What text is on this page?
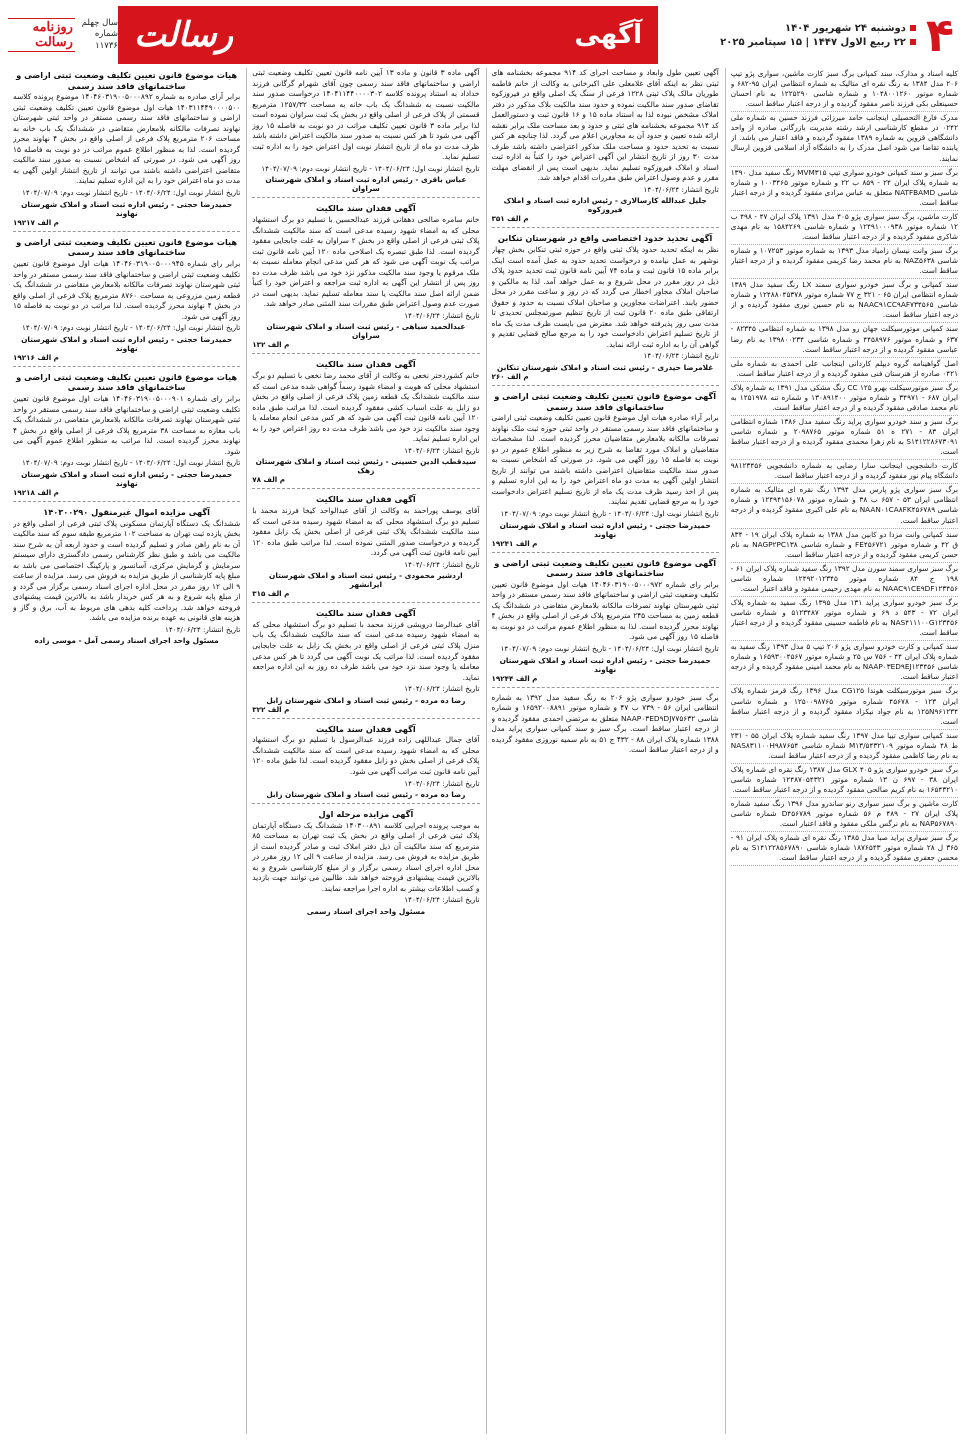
۴
دوشنبه ۲۴ شهریور ۱۴۰۴
۲۲ ربیع الاول ۱۴۴۷ | ۱۵ سپتامبر ۲۰۲۵
آگهی
رسالت
سال چهلم
شماره ۱۱۷۳۶
روزنامه رسالت

کلیه اسناد و مدارک، سند کمپانی برگ سبز کارت ماشین، سواری پژو تیپ ۲۰۶ مدل ۱۳۸۴ به رنگ نقره ای متالیک به شماره انتظامی ایران ۹۵-۶۸۲ و شماره موتور ۱۰۴۸۰۰۱۲۶۰ و شماره شاسی ۱۲۲۵۲۹۰ به نام احسان حسینعلی بکی فرزند ناصر مفقود گردیده و از درجه اعتبار ساقط است.

مدرک فارغ التحصیلی اینجانب حامد میرزائی فرزند حسین به شماره ملی ۰۲۴۲ در مقطع کارشناسی ارشد رشته مدیریت بازرگانی صادره از واحد دانشگاهی قزوین به شماره ۱۳۸۹ مفقود گردیده و فاقد اعتبار می باشد. از یابنده تقاضا می شود اصل مدرک را به دانشگاه آزاد اسلامی قزوین ارسال نمایند.

برگ سبز و سند کمپانی خودرو سواری تیپ MVM۳۱۵ رنگ سفید مدل ۱۳۹۰ به شماره پلاک ایران ۲۴ - ۸۵۹ ب ۲۲ و شماره موتور ۱۰۰۳۴۶۵ و شماره شاسی NATFBAMD متعلق به عباس مرادی مفقود گردیده و از درجه اعتبار ساقط است.

کارت ماشین، برگ سبز سواری پژو ۴۰۵ مدل ۱۳۹۱ پلاک ایران ۴۷ - ۴۹۸ ب ۱۲ شماره موتور ۱۲۴۹۱۰۰۰۹۳۸ و شماره شاسی ۱۵۸۴۲۶۹ به نام مهدی شاکری مفقود گردیده و از درجه اعتبار ساقط است.

برگ سبز وانت نیسان زامیاد مدل ۱۳۹۳ به شماره موتور ۱۰۷۲۵۳ و شماره شاسی NAZ۵۶۳۸ به نام محمد رضا کریمی مفقود گردیده و از درجه اعتبار ساقط است.

سند کمپانی و برگ سبز خودرو سواری سمند LX رنگ سفید مدل ۱۳۸۹ شماره انتظامی ایران ۶۵ - ۳۲۱ ج ۷۷ شماره موتور ۱۲۴۸۸۰۴۵۳۷۸ و شماره شاسی NAAC۹۱CC۹AF۷۳۴۵۶۵ به نام حسین نوری مفقود گردیده و از درجه اعتبار ساقط است.

سند کمپانی موتورسیکلت جهان رو مدل ۱۳۹۸ به شماره انتظامی ۸۲۳۴۵ - ۶۳۷ و شماره موتور ۴۴۵۸۹۷۶ و شماره شاسی ۱۳۹۸۰۰۲۳۴ به نام رضا عباسی مفقود گردیده و از درجه اعتبار ساقط است.

اصل گواهینامه گروه دیپلم کاردانی اینجانب علی احمدی به شماره ملی ۰۴۲۱ صادره از هنرستان فنی مفقود گردیده و از درجه اعتبار ساقط است.

برگ سبز موتورسیکلت بهرو CC ۱۲۵ رنگ مشکی مدل ۱۳۹۱ به شماره پلاک ایران ۶۸۷ - ۳۴۹۷۱ و شماره موتور ۱۳۰۸۹۱۴۰۰ و شماره تنه ۱۲۵۱۹۷۸ به نام محمد صادقی مفقود گردیده و از درجه اعتبار ساقط است.

برگ سبز و سند خودرو سواری پراید رنگ سفید مدل ۱۳۸۶ شماره انتظامی ایران ۸۳ - ۲۷۱ ه ۵۱ شماره موتور ۲۰۹۸۷۶۵ و شماره شاسی S۱۴۱۲۲۸۶۷۳۰۹۱ به نام زهرا محمدی مفقود گردیده و از درجه اعتبار ساقط است.

کارت دانشجویی اینجانب سارا رضایی به شماره دانشجویی ۹۸۱۲۳۴۵۶ دانشگاه پیام نور مفقود گردیده و از درجه اعتبار ساقط است.

برگ سبز سواری پژو پارس مدل ۱۳۹۴ رنگ نقره ای متالیک به شماره انتظامی ایران ۵۳ - ۶۵۷ ب ۳۸ و شماره موتور ۱۲۴۹۴۱۵۶۰۷۸ و شماره شاسی NAAN۰۱CA۸FK۴۵۶۷۸۹ به نام علی اکبری مفقود گردیده و از درجه اعتبار ساقط است.

سند کمپانی وانت مزدا دو کابین مدل ۱۳۸۸ به شماره پلاک ایران ۱۹ - ۸۳۴ ق ۴۲ و شماره موتور FE۴۵۶۷۲۱ و شماره شاسی NAGP۲PC۱۳۸ به نام حسن کریمی مفقود گردیده و از درجه اعتبار ساقط است.

برگ سبز سواری سمند سورن مدل ۱۳۹۲ رنگ سفید شماره پلاک ایران ۶۱ - ۱۹۸ ج ۸۴ شماره موتور ۱۲۴۹۲۰۱۲۳۴۵ شماره شاسی NAAC۹۱CE۹DF۱۲۳۴۵۶ به نام مهدی رحیمی مفقود و فاقد اعتبار است.

برگ سبز خودرو سواری پراید ۱۳۱ مدل ۱۳۹۵ رنگ سفید به شماره پلاک ایران ۷۲ - ۵۴۳ د ۶۹ و شماره موتور ۵۱۲۳۴۸۷ و شماره شاسی NAS۴۱۱۱۰۰G۱۲۳۴۵۶ به نام فاطمه حسینی مفقود گردیده و از درجه اعتبار ساقط است.

سند کمپانی و کارت خودرو سواری پژو ۲۰۶ تیپ ۵ مدل ۱۳۹۳ رنگ سفید به شماره پلاک ایران ۴۴ - ۷۵۶ س ۲۵ و شماره موتور ۱۶۵۹۳۰۰۴۵۶۷ و شماره شاسی NAAP۰۳ED۹EJ۱۲۳۴۵۶ به نام محمد امینی مفقود گردیده و از درجه اعتبار ساقط است.

برگ سبز موتورسیکلت هوندا CG۱۲۵ مدل ۱۳۹۶ رنگ قرمز شماره پلاک ایران ۱۲۳ - ۴۵۶۷۸ شماره موتور ۱۲۵۰۰۹۸۷۶۵ و شماره شاسی ۱۲۵N۹۶۱۲۳۴ به نام جواد نیکزاد مفقود گردیده و از درجه اعتبار ساقط است.

سند کمپانی سواری تیبا مدل ۱۳۹۷ رنگ سفید شماره پلاک ایران ۵۵ - ۲۳۱ ط ۴۸ شماره موتور M۱۳/۵۴۳۲۱۰۹ شماره شاسی NAS۸۳۱۱۰۰H۹۸۷۶۵۴ به نام رضا کاظمی مفقود گردیده و از درجه اعتبار ساقط است.

برگ سبز خودرو سواری پژو ۴۰۵ GLX مدل ۱۳۸۷ رنگ نقره ای شماره پلاک ایران ۳۸ - ۶۹۷ ن ۱۳ شماره موتور ۱۲۴۸۷۰۵۴۳۲۱ شماره شاسی ۱۶۵۴۳۲۱۰ به نام کریم صالحی مفقود گردیده و از درجه اعتبار ساقط است.

کارت ماشین و برگ سبز سواری رنو ساندرو مدل ۱۳۹۶ رنگ سفید شماره پلاک ایران ۲۷ - ۴۸۹ م ۵۶ شماره موتور D۴۵۶۷۸۹ شماره شاسی NAP۵۶۷۸۹۰ به نام نرگس ملکی مفقود و فاقد اعتبار است.

برگ سبز سواری پراید صبا مدل ۱۳۸۵ رنگ نقره ای شماره پلاک ایران ۹۱ - ۳۶۵ ل ۲۸ شماره موتور ۱۸۷۶۵۴۳ شماره شاسی S۱۴۱۲۲۸۵۶۷۸۹۰ به نام محسن جعفری مفقود گردیده و از درجه اعتبار ساقط است.

آگهی تعیین طول وابعاد و مساحت اجرای کد ۹۱۴ مجموعه بخشنامه های ثبتی نظر به اینکه آقای غلامعلی علی اکبرخانی به وکالت از خانم فاطمه طوریان مالک پلاک ثبتی ۱۲۲۸ فرعی از سنگ یک اصلی واقع در فیروزکوه تقاضای صدور سند مالکیت نموده و حدود سند مالکیت بلاک مذکور در دفتر املاک مشخص نبوده لذا به استناد ماده ۱۵ و ۱۶ قانون ثبت و دستورالعمل کد ۹۱۴ مجموعه بخشنامه های ثبتی و حدود و بعد مساحت ملک برابر نقشه ارائه شده تعیین و حدود آن به مجاورین اعلام می گردد. لذا چنانچه هر کس نسبت به تحدید حدود و مساحت ملک مذکور اعتراضی داشته باشد ظرف مدت ۳۰ روز از تاریخ انتشار این آگهی اعتراض خود را کتباً به اداره ثبت اسناد و املاک فیروزکوه تسلیم نماید. بدیهی است پس از انقضای مهلت مقرر و عدم وصول اعتراض طبق مقررات اقدام خواهد شد.

تاریخ انتشار: ۱۴۰۴/۰۶/۲۴

جلیل عبدالله کارسالاری - رئیس اداره ثبت اسناد و املاک فیروزکوه

م الف ۳۵۱

آگهی تحدید حدود اختصاصی واقع در شهرستان تنکابن

نظر به اینکه تحدید حدود پلاک ثبتی واقع در حوزه ثبتی تنکابن بخش چهار نوشهر به عمل نیامده و درخواست تحدید حدود به عمل آمده است اینک برابر ماده ۱۵ قانون ثبت و ماده ۷۴ آیین نامه قانون ثبت تحدید حدود پلاک ذیل در روز مقرر در محل شروع و به عمل خواهد آمد. لذا به مالکین و صاحبان املاک مجاور اخطار می گردد که در روز و ساعت مقرر در محل حضور یابند. اعتراضات مجاورین و صاحبان املاک نسبت به حدود و حقوق ارتفاقی طبق ماده ۲۰ قانون ثبت از تاریخ تنظیم صورتمجلس تحدیدی تا مدت سی روز پذیرفته خواهد شد. معترض می بایست ظرف مدت یک ماه از تاریخ تسلیم اعتراض دادخواست خود را به مرجع صالح قضایی تقدیم و گواهی آن را به اداره ثبت ارائه نماید.

تاریخ انتشار: ۱۴۰۴/۰۶/۲۴

غلامرضا حیدری - رئیس ثبت اسناد و املاک شهرستان تنکابن

م الف ۲۶۰

آگهی موضوع قانون تعیین تکلیف وضعیت ثبتی اراضی و ساختمانهای فاقد سند رسمی

برابر آراء صادره هیات اول موضوع قانون تعیین تکلیف وضعیت ثبتی اراضی و ساختمانهای فاقد سند رسمی مستقر در واحد ثبتی حوزه ثبت ملک نهاوند تصرفات مالکانه بلامعارض متقاضیان محرز گردیده است. لذا مشخصات متقاضیان و املاک مورد تقاضا به شرح زیر به منظور اطلاع عموم در دو نوبت به فاصله ۱۵ روز آگهی می شود. در صورتی که اشخاص نسبت به صدور سند مالکیت متقاضیان اعتراضی داشته باشند می توانند از تاریخ انتشار اولین آگهی به مدت دو ماه اعتراض خود را به این اداره تسلیم و پس از اخذ رسید ظرف مدت یک ماه از تاریخ تسلیم اعتراض دادخواست خود را به مرجع قضایی تقدیم نمایند.

تاریخ انتشار نوبت اول: ۱۴۰۴/۰۶/۲۴ - تاریخ انتشار نوبت دوم: ۱۴۰۴/۰۷/۰۹

حمیدرضا حجتی - رئیس اداره ثبت اسناد و املاک شهرستان نهاوند

م الف ۱۹۲۴۱

آگهی موضوع قانون تعیین تکلیف وضعیت ثبتی اراضی و ساختمانهای فاقد سند رسمی

برابر رای شماره ۱۴۰۴۶۰۳۱۹۰۰۵۰۰۰۹۷۲ هیات اول موضوع قانون تعیین تکلیف وضعیت ثبتی اراضی و ساختمانهای فاقد سند رسمی مستقر در واحد ثبتی شهرستان نهاوند تصرفات مالکانه بلامعارض متقاضی در ششدانگ یک قطعه زمین به مساحت ۲۴۵ مترمربع پلاک فرعی از اصلی واقع در بخش ۴ نهاوند محرز گردیده است. لذا به منظور اطلاع عموم مراتب در دو نوبت به فاصله ۱۵ روز آگهی می شود.

تاریخ انتشار نوبت اول: ۱۴۰۴/۰۶/۲۴ - تاریخ انتشار نوبت دوم: ۱۴۰۴/۰۷/۰۹

حمیدرضا حجتی - رئیس اداره ثبت اسناد و املاک شهرستان نهاوند

م الف ۱۹۲۴۴

برگ سبز خودرو سواری پژو ۲۰۶ به رنگ سفید مدل ۱۳۹۲ به شماره انتظامی ایران ۵۶ - ۷۳۹ ب ۴۷ و شماره موتور ۱۶۵۹۲۰۰۸۸۹۱ و شماره شاسی NAAP۰۳ED۹DJ۷۷۵۶۳۲ متعلق به مرتضی احمدی مفقود گردیده و از درجه اعتبار ساقط است. برگ سبز و سند کمپانی سواری پراید مدل ۱۳۸۸ شماره پلاک ایران ۸۸ - ۴۳۲ ج ۵۱ به نام سمیه نوروزی مفقود گردیده و از درجه اعتبار ساقط است.

آگهی ماده ۳ قانون و ماده ۱۳ آیین نامه قانون تعیین تکلیف وضعیت ثبتی اراضی و ساختمانهای فاقد سند رسمی چون آقای شهرام گرگانی فرزند خداداد به استناد پرونده کلاسه ۱۴۰۴۱۱۴۴۰۰۰۰۳۰۲ درخواست صدور سند مالکیت نسبت به ششدانگ یک باب خانه به مساحت ۱۲۵۷/۳۲ مترمربع قسمتی از پلاک فرعی از اصلی واقع در بخش یک ثبت سراوان نموده است لذا برابر ماده ۳ قانون تعیین تکلیف مراتب در دو نوبت به فاصله ۱۵ روز آگهی می شود تا هر کس نسبت به صدور سند مالکیت اعتراض داشته باشد ظرف مدت دو ماه از تاریخ انتشار نوبت اول اعتراض خود را به اداره ثبت تسلیم نماید.

تاریخ انتشار نوبت اول: ۱۴۰۴/۰۶/۲۴ - تاریخ انتشار نوبت دوم: ۱۴۰۴/۰۷/۰۹

عباس باقری - رئیس اداره ثبت اسناد و املاک شهرستان سراوان

آگهی فقدان سند مالکیت

خانم سامره صالحی دهقانی فرزند عبدالحسین با تسلیم دو برگ استشهاد محلی که به امضاء شهود رسیده مدعی است که سند مالکیت ششدانگ پلاک ثبتی فرعی از اصلی واقع در بخش ۲ سراوان به علت جابجایی مفقود گردیده است. لذا طبق تبصره یک اصلاحی ماده ۱۲۰ آیین نامه قانون ثبت مراتب یک نوبت آگهی می شود که هر کس مدعی انجام معامله نسبت به ملک مرقوم یا وجود سند مالکیت مذکور نزد خود می باشد ظرف مدت ده روز پس از انتشار این آگهی به اداره ثبت مراجعه و اعتراض خود را کتباً ضمن ارائه اصل سند مالکیت یا سند معامله تسلیم نماید. بدیهی است در صورت عدم وصول اعتراض طبق مقررات سند المثنی صادر خواهد شد.

تاریخ انتشار: ۱۴۰۴/۰۶/۲۴

عبدالحمید سیاهی - رئیس ثبت اسناد و املاک شهرستان سراوان

م الف ۱۳۲

آگهی فقدان سند مالکیت

خانم کشوردختر نخعی به وکالت از آقای محمد رضا نخعی با تسلیم دو برگ استشهاد محلی که هویت و امضاء شهود رسماً گواهی شده مدعی است که سند مالکیت ششدانگ یک قطعه زمین پلاک فرعی از اصلی واقع در بخش دو زابل به علت اسباب کشی مفقود گردیده است. لذا مراتب طبق ماده ۱۲۰ آیین نامه قانون ثبت آگهی می شود که هر کس مدعی انجام معامله یا وجود سند مالکیت نزد خود می باشد ظرف مدت ده روز اعتراض خود را به این اداره تسلیم نماید.

تاریخ انتشار: ۱۴۰۴/۰۶/۲۴

سیدقطب الدین حسینی - رئیس ثبت اسناد و املاک شهرستان زهک

م الف ۷۸

آگهی فقدان سند مالکیت

آقای یوسف پوراحمد به وکالت از آقای عبدالواحد کیخا فرزند محمد با تسلیم دو برگ استشهاد محلی که به امضاء شهود رسیده مدعی است که سند مالکیت ششدانگ پلاک ثبتی فرعی از اصلی بخش یک زابل مفقود گردیده و درخواست صدور المثنی نموده است. لذا مراتب طبق ماده ۱۲۰ آیین نامه قانون ثبت آگهی می گردد.

تاریخ انتشار: ۱۴۰۴/۰۶/۲۴

اردشیر محمودی - رئیس ثبت اسناد و املاک شهرستان ایرانشهر

م الف ۳۱۵

آگهی فقدان سند مالکیت

آقای عبدالرضا درویشی فرزند محمد با تسلیم دو برگ استشهاد محلی که به امضاء شهود رسیده مدعی است که سند مالکیت ششدانگ یک باب منزل پلاک ثبتی فرعی از اصلی واقع در بخش یک زابل به علت جابجایی مفقود گردیده است. لذا مراتب یک نوبت آگهی می گردد تا هر کس مدعی معامله یا وجود سند نزد خود می باشد ظرف ده روز به این اداره مراجعه نماید.

تاریخ انتشار: ۱۴۰۴/۰۶/۲۴

رضا ده مرده - رئیس ثبت اسناد و املاک شهرستان زابل

م الف ۳۲۲

آگهی فقدان سند مالکیت

آقای جمال عبداللهی زاده فرزند عبدالرسول با تسلیم دو برگ استشهاد محلی که به امضاء شهود رسیده مدعی است که سند مالکیت ششدانگ پلاک فرعی از اصلی بخش دو زابل مفقود گردیده است. لذا طبق ماده ۱۲۰ آیین نامه قانون ثبت مراتب آگهی می شود.

تاریخ انتشار: ۱۴۰۴/۰۶/۲۴

رضا ده مرده - رئیس ثبت اسناد و املاک شهرستان زابل

آگهی مزایده مرحله اول

به موجب پرونده اجرایی کلاسه ۱۴۰۳۰۰۸۹۱ ششدانگ یک دستگاه آپارتمان پلاک ثبتی فرعی از اصلی واقع در بخش یک ثبت تهران به مساحت ۸۵ مترمربع که سند مالکیت آن ذیل دفتر املاک ثبت و صادر گردیده است از طریق مزایده به فروش می رسد. مزایده از ساعت ۹ الی ۱۲ روز مقرر در محل اداره اجرای اسناد رسمی برگزار و از مبلغ کارشناسی شروع و به بالاترین قیمت پیشنهادی فروخته خواهد شد. طالبین می توانند جهت بازدید و کسب اطلاعات بیشتر به اداره اجرا مراجعه نمایند.

تاریخ انتشار: ۱۴۰۴/۰۶/۲۴

مسئول واحد اجرای اسناد رسمی

هیات موضوع قانون تعیین تکلیف وضعیت ثبتی اراضی و ساختمانهای فاقد سند رسمی

برابر آرای صادره به شماره ۱۴۰۴۶۰۳۱۹۰۰۵۰۰۰۸۹۲ موضوع پرونده کلاسه ۱۴۰۳۱۱۴۴۹۰۰۰۰۵۰۰ هیات اول موضوع قانون تعیین تکلیف وضعیت ثبتی اراضی و ساختمانهای فاقد سند رسمی مستقر در واحد ثبتی شهرستان نهاوند تصرفات مالکانه بلامعارض متقاضی در ششدانگ یک باب خانه به مساحت ۲۰۶ مترمربع پلاک فرعی از اصلی واقع در بخش ۴ نهاوند محرز گردیده است. لذا به منظور اطلاع عموم مراتب در دو نوبت به فاصله ۱۵ روز آگهی می شود. در صورتی که اشخاص نسبت به صدور سند مالکیت متقاضی اعتراضی داشته باشند می توانند از تاریخ انتشار اولین آگهی به مدت دو ماه اعتراض خود را به این اداره تسلیم نمایند.

تاریخ انتشار نوبت اول: ۱۴۰۴/۰۶/۲۴ - تاریخ انتشار نوبت دوم: ۱۴۰۴/۰۷/۰۹

حمیدرضا حجتی - رئیس اداره ثبت اسناد و املاک شهرستان نهاوند

م الف ۱۹۲۱۷

هیات موضوع قانون تعیین تکلیف وضعیت ثبتی اراضی و ساختمانهای فاقد سند رسمی

برابر رای شماره ۱۴۰۴۶۰۳۱۹۰۰۵۰۰۰۹۴۵ هیات اول موضوع قانون تعیین تکلیف وضعیت ثبتی اراضی و ساختمانهای فاقد سند رسمی مستقر در واحد ثبتی شهرستان نهاوند تصرفات مالکانه بلامعارض متقاضی در ششدانگ یک قطعه زمین مزروعی به مساحت ۸۷۶۰ مترمربع پلاک فرعی از اصلی واقع در بخش ۴ نهاوند محرز گردیده است. لذا مراتب در دو نوبت به فاصله ۱۵ روز آگهی می شود.

تاریخ انتشار نوبت اول: ۱۴۰۴/۰۶/۲۴ - تاریخ انتشار نوبت دوم: ۱۴۰۴/۰۷/۰۹

حمیدرضا حجتی - رئیس اداره ثبت اسناد و املاک شهرستان نهاوند

م الف ۱۹۲۱۶

هیات موضوع قانون تعیین تکلیف وضعیت ثبتی اراضی و ساختمانهای فاقد سند رسمی

برابر رای شماره ۱۴۰۴۶۰۳۱۹۰۰۵۰۰۰۹۰۱ هیات اول موضوع قانون تعیین تکلیف وضعیت ثبتی اراضی و ساختمانهای فاقد سند رسمی مستقر در واحد ثبتی شهرستان نهاوند تصرفات مالکانه بلامعارض متقاضی در ششدانگ یک باب مغازه به مساحت ۳۸ مترمربع پلاک فرعی از اصلی واقع در بخش ۴ نهاوند محرز گردیده است. لذا مراتب به منظور اطلاع عموم آگهی می شود.

تاریخ انتشار نوبت اول: ۱۴۰۴/۰۶/۲۴ - تاریخ انتشار نوبت دوم: ۱۴۰۴/۰۷/۰۹

حمیدرضا حجتی - رئیس اداره ثبت اسناد و املاک شهرستان نهاوند

م الف ۱۹۲۱۸

آگهی مزایده اموال غیرمنقول ۱۴۰۳۰۰۲۹۰

ششدانگ یک دستگاه آپارتمان مسکونی پلاک ثبتی فرعی از اصلی واقع در بخش یازده ثبت تهران به مساحت ۱۰۲ مترمربع طبقه سوم که سند مالکیت آن به نام راهن صادر و تسلیم گردیده است و حدود اربعه آن به شرح سند مالکیت می باشد و طبق نظر کارشناس رسمی دادگستری دارای سیستم سرمایش و گرمایش مرکزی، آسانسور و پارکینگ اختصاصی می باشد به مبلغ پایه کارشناسی از طریق مزایده به فروش می رسد. مزایده از ساعت ۹ الی ۱۲ روز مقرر در محل اداره اجرای اسناد رسمی برگزار می گردد و از مبلغ پایه شروع و به هر کس خریدار باشد به بالاترین قیمت پیشنهادی فروخته خواهد شد. پرداخت کلیه بدهی های مربوط به آب، برق و گاز و هزینه های قانونی به عهده برنده مزایده می باشد.

تاریخ انتشار: ۱۴۰۴/۰۶/۲۴

مسئول واحد اجرای اسناد رسمی آمل - موسی زاده
